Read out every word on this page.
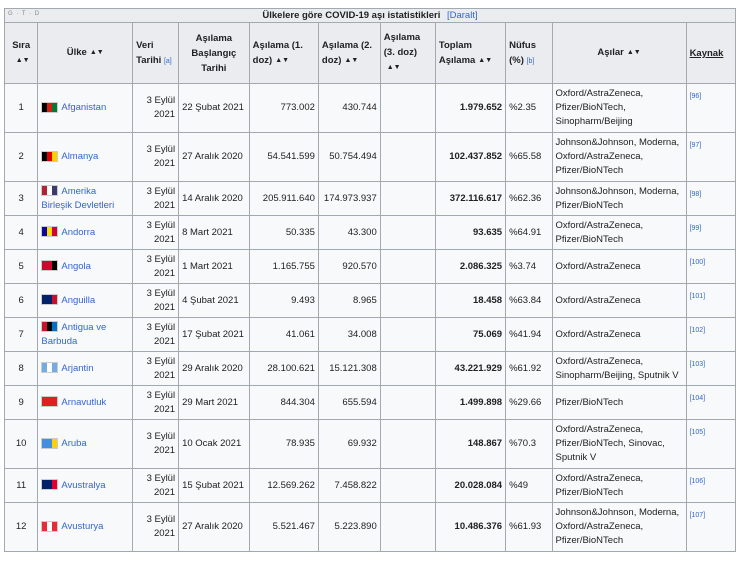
G · T · D Ülkelere göre COVID-19 aşı istatistikleri [Daralt]										
Sıra▲▼	Ülke ▲▼	Veri Tarihi [a]	Aşılama Başlangıç Tarihi	Aşılama (1. doz) ▲▼	Aşılama (2. doz) ▲▼	Aşılama (3. doz)▲▼	Toplam Aşılama ▲▼	Nüfus (%) [b]	Aşılar ▲▼	Kaynak
1	Afganistan	3 Eylül 2021	22 Şubat 2021	773.002	430.744		1.979.652	%2.35	Oxford/AstraZeneca, Pfizer/BioNTech, Sinopharm/Beijing	[96]
2	Almanya	3 Eylül 2021	27 Aralık 2020	54.541.599	50.754.494		102.437.852	%65.58	Johnson&Johnson, Moderna, Oxford/AstraZeneca, Pfizer/BioNTech	[97]
3	Amerika Birleşik Devletleri	3 Eylül 2021	14 Aralık 2020	205.911.640	174.973.937		372.116.617	%62.36	Johnson&Johnson, Moderna, Pfizer/BioNTech	[98]
4	Andorra	3 Eylül 2021	8 Mart 2021	50.335	43.300		93.635	%64.91	Oxford/AstraZeneca, Pfizer/BioNTech	[99]
5	Angola	3 Eylül 2021	1 Mart 2021	1.165.755	920.570		2.086.325	%3.74	Oxford/AstraZeneca	[100]
6	Anguilla	3 Eylül 2021	4 Şubat 2021	9.493	8.965		18.458	%63.84	Oxford/AstraZeneca	[101]
7	Antigua ve Barbuda	3 Eylül 2021	17 Şubat 2021	41.061	34.008		75.069	%41.94	Oxford/AstraZeneca	[102]
8	Arjantin	3 Eylül 2021	29 Aralık 2020	28.100.621	15.121.308		43.221.929	%61.92	Oxford/AstraZeneca, Sinopharm/Beijing, Sputnik V	[103]
9	Arnavutluk	3 Eylül 2021	29 Mart 2021	844.304	655.594		1.499.898	%29.66	Pfizer/BioNTech	[104]
10	Aruba	3 Eylül 2021	10 Ocak 2021	78.935	69.932		148.867	%70.3	Oxford/AstraZeneca, Pfizer/BioNTech, Sinovac, Sputnik V	[105]
11	Avustralya	3 Eylül 2021	15 Şubat 2021	12.569.262	7.458.822		20.028.084	%49	Oxford/AstraZeneca, Pfizer/BioNTech	[106]
12	Avusturya	3 Eylül 2021	27 Aralık 2020	5.521.467	5.223.890		10.486.376	%61.93	Johnson&Johnson, Moderna, Oxford/AstraZeneca, Pfizer/BioNTech	[107]
